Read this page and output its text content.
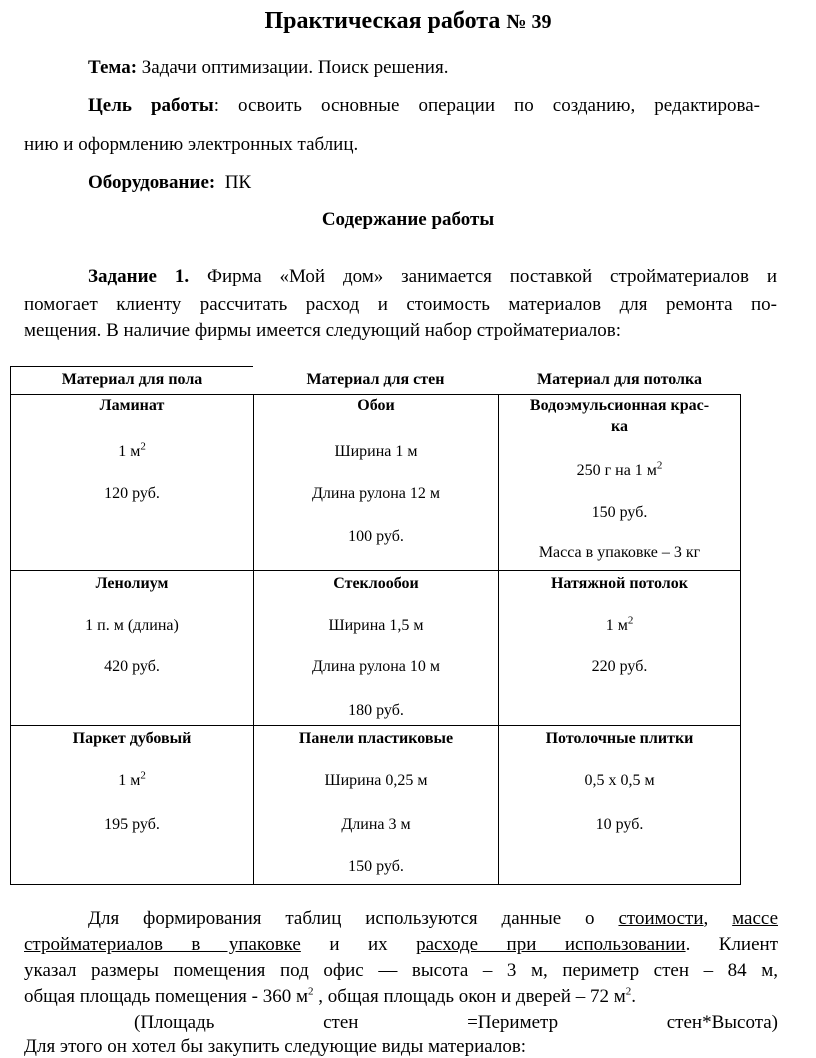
Практическая работа № 39
Тема: Задачи оптимизации. Поиск решения.
Цель работы: освоить основные операции по созданию, редактирова-
нию и оформлению электронных таблиц.
Оборудование: ПК
Содержание работы
Задание 1. Фирма «Мой дом» занимается поставкой стройматериалов и
помогает клиенту рассчитать расход и стоимость материалов для ремонта по-
мещения. В наличие фирмы имеется следующий набор стройматериалов:
Материал для пола	Материал для стен	Материал для потолка
Ламинат
1 $м^2$
120 руб.
Обои
Ширина 1 м
Длина рулона 12 м
100 руб.
Водоэмульсионная крас-
ка
250 г на 1 $м^2$
150 руб.
Масса в упаковке – 3 кг
Ленолиум
1 п. м (длина)
420 руб.
Стеклообои
Ширина 1,5 м
Длина рулона 10 м
180 руб.
Натяжной потолок
1 $м^2$
220 руб.
Паркет дубовый
1 $м^2$
195 руб.
Панели пластиковые
Ширина 0,25 м
Длина 3 м
150 руб.
Потолочные плитки
0,5 х 0,5 м
10 руб.
Для формирования таблиц используются данные о стоимости, массе
стройматериалов в упаковке и их расходе при использовании. Клиент
указал размеры помещения под офис — высота – 3 м, периметр стен – 84 м,
общая площадь помещения - 360 $м^2$ , общая площадь окон и дверей – 72 $м^2$.
(Площадь стен =Периметр стен*Высота)
Для этого он хотел бы закупить следующие виды материалов:
